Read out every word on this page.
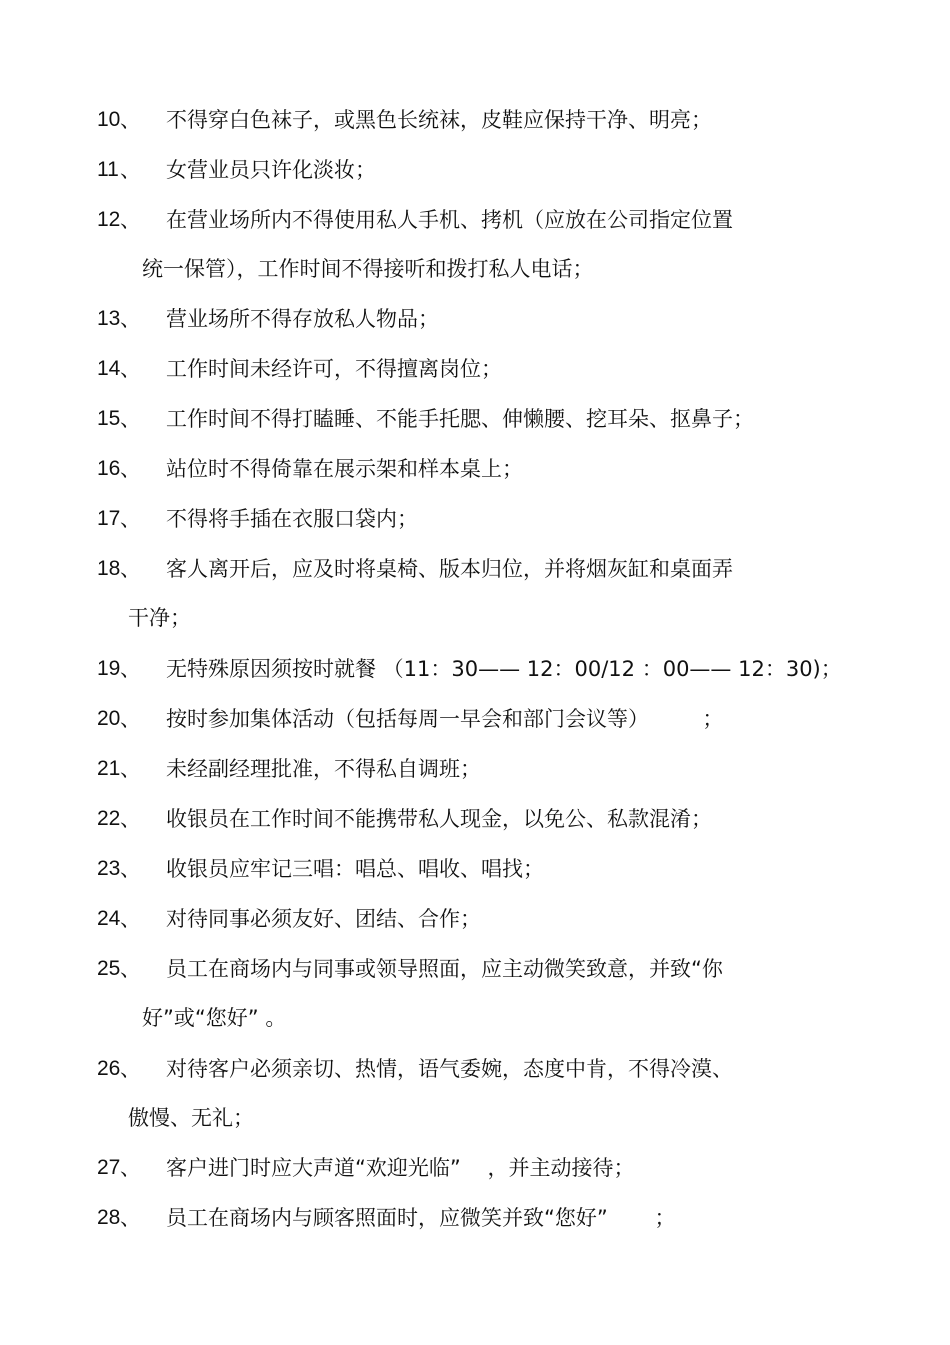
10 、 不得穿白色袜子，或黑色长统袜，皮鞋应保持干净、明亮；
11 、 女营业员只许化淡妆；
12 、 在营业场所内不得使用私人手机、拷机（应放在公司指定位置
统一保管），工作时间不得接听和拨打私人电话；
13 、 营业场所不得存放私人物品；
14 、 工作时间未经许可，不得擅离岗位；
15 、 工作时间不得打瞌睡、不能手托腮、伸懒腰、挖耳朵、抠鼻子；
16 、 站位时不得倚靠在展示架和样本桌上；
17 、 不得将手插在衣服口袋内；
18 、 客人离开后，应及时将桌椅、版本归位，并将烟灰缸和桌面弄
干净；
19 、 无特殊原因须按时就餐 （11：30—— 12：00/12 ：00—— 12：30)；
20 、 按时参加集体活动（包括每周一早会和部门会议等）        ；
21 、 未经副经理批准，不得私自调班；
22 、 收银员在工作时间不能携带私人现金，以免公、私款混淆；
23 、 收银员应牢记三唱：唱总、唱收、唱找；
24 、 对待同事必须友好、团结、合作；
25 、 员工在商场内与同事或领导照面，应主动微笑致意，并致“你
好”或“您好” 。
26 、 对待客户必须亲切、热情，语气委婉，态度中肯，不得冷漠、
傲慢、无礼；
27 、 客户进门时应大声道“欢迎光临”    ，并主动接待；
28 、 员工在商场内与顾客照面时，应微笑并致“您好”       ；
